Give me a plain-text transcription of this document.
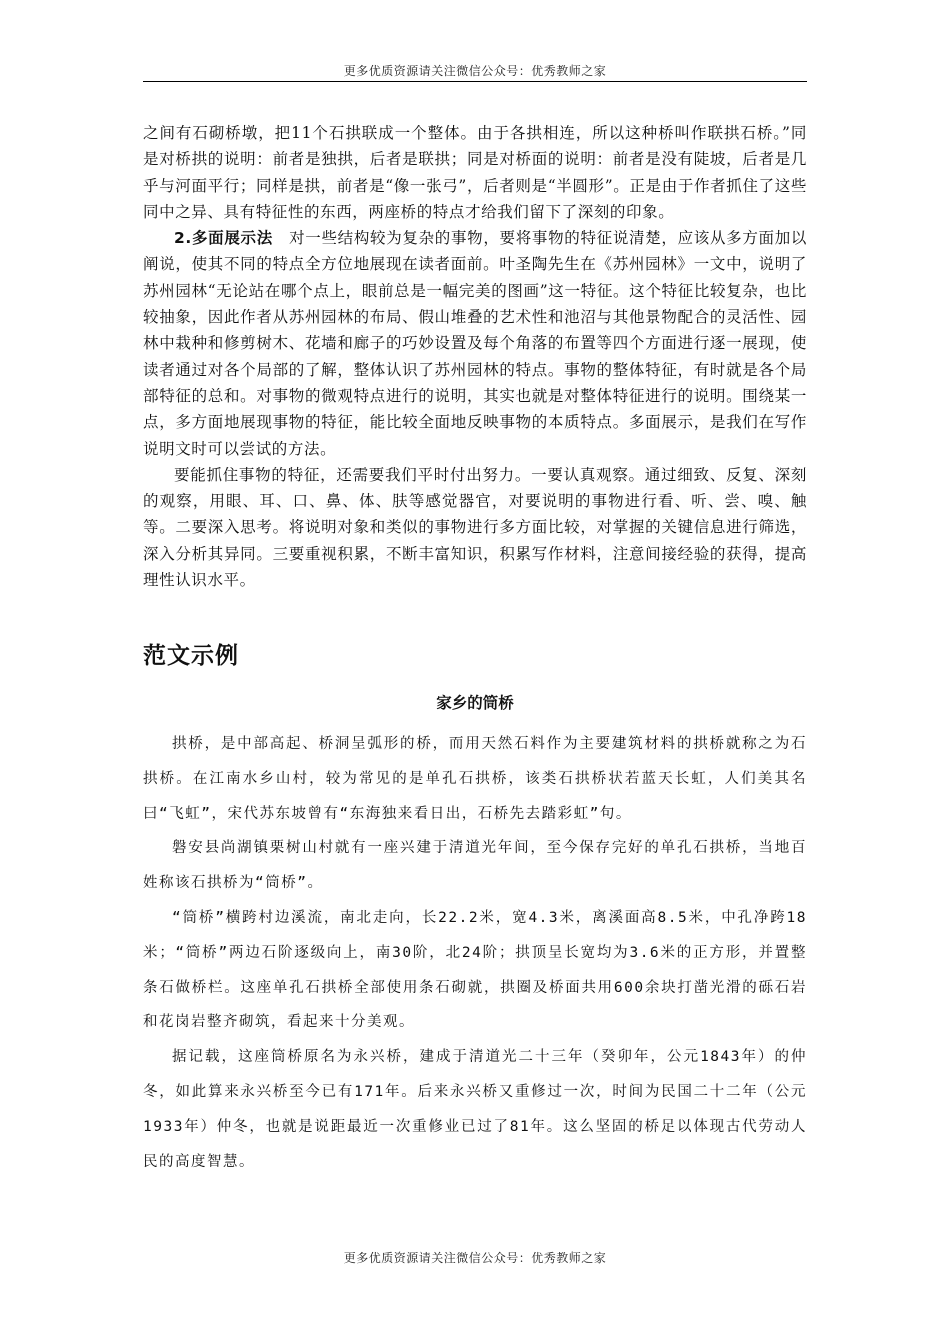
更多优质资源请关注微信公众号：优秀教师之家

之间有石砌桥墩，把11个石拱联成一个整体。由于各拱相连，所以这种桥叫作联拱石桥。”同是对桥拱的说明：前者是独拱，后者是联拱；同是对桥面的说明：前者是没有陡坡，后者是几乎与河面平行；同样是拱，前者是“像一张弓”，后者则是“半圆形”。正是由于作者抓住了这些同中之异、具有特征性的东西，两座桥的特点才给我们留下了深刻的印象。

2.多面展示法　对一些结构较为复杂的事物，要将事物的特征说清楚，应该从多方面加以阐说，使其不同的特点全方位地展现在读者面前。叶圣陶先生在《苏州园林》一文中，说明了苏州园林“无论站在哪个点上，眼前总是一幅完美的图画”这一特征。这个特征比较复杂，也比较抽象，因此作者从苏州园林的布局、假山堆叠的艺术性和池沼与其他景物配合的灵活性、园林中栽种和修剪树木、花墙和廊子的巧妙设置及每个角落的布置等四个方面进行逐一展现，使读者通过对各个局部的了解，整体认识了苏州园林的特点。事物的整体特征，有时就是各个局部特征的总和。对事物的微观特点进行的说明，其实也就是对整体特征进行的说明。围绕某一点，多方面地展现事物的特征，能比较全面地反映事物的本质特点。多面展示，是我们在写作说明文时可以尝试的方法。

要能抓住事物的特征，还需要我们平时付出努力。一要认真观察。通过细致、反复、深刻的观察，用眼、耳、口、鼻、体、肤等感觉器官，对要说明的事物进行看、听、尝、嗅、触等。二要深入思考。将说明对象和类似的事物进行多方面比较，对掌握的关键信息进行筛选，深入分析其异同。三要重视积累，不断丰富知识，积累写作材料，注意间接经验的获得，提高理性认识水平。

范文示例
家乡的筒桥

拱桥，是中部高起、桥洞呈弧形的桥，而用天然石料作为主要建筑材料的拱桥就称之为石拱桥。在江南水乡山村，较为常见的是单孔石拱桥，该类石拱桥状若蓝天长虹，人们美其名曰“飞虹”，宋代苏东坡曾有“东海独来看日出，石桥先去踏彩虹”句。

磐安县尚湖镇栗树山村就有一座兴建于清道光年间，至今保存完好的单孔石拱桥，当地百姓称该石拱桥为“筒桥”。

“筒桥”横跨村边溪流，南北走向，长22.2米，宽4.3米，离溪面高8.5米，中孔净跨18米；“筒桥”两边石阶逐级向上，南30阶，北24阶；拱顶呈长宽均为3.6米的正方形，并置整条石做桥栏。这座单孔石拱桥全部使用条石砌就，拱圈及桥面共用600余块打凿光滑的砾石岩和花岗岩整齐砌筑，看起来十分美观。

据记载，这座筒桥原名为永兴桥，建成于清道光二十三年（癸卯年，公元1843年）的仲冬，如此算来永兴桥至今已有171年。后来永兴桥又重修过一次，时间为民国二十二年（公元1933年）仲冬，也就是说距最近一次重修业已过了81年。这么坚固的桥足以体现古代劳动人民的高度智慧。

更多优质资源请关注微信公众号：优秀教师之家
